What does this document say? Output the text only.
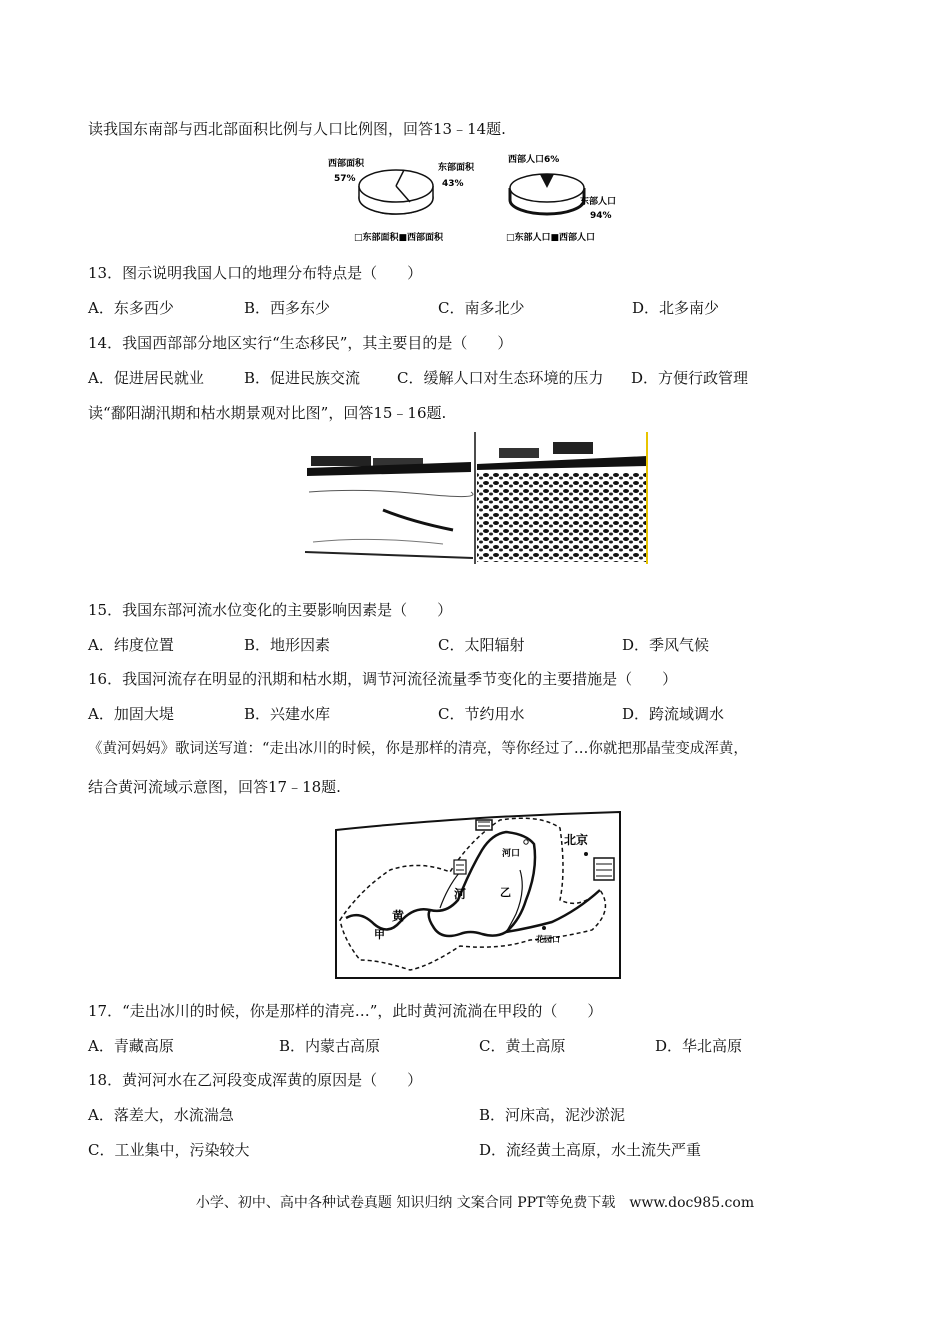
读我国东南部与西北部面积比例与人口比例图，回答13﹣14题.
西部面积
57%
东部面积
43%
□东部面积■西部面积
西部人口6%
东部人口
94%
□东部人口■西部人口
13．图示说明我国人口的地理分布特点是（　　）
A．东多西少	B．西多东少	C．南多北少	D．北多南少
14．我国西部部分地区实行“生态移民”，其主要目的是（　　）
A．促进居民就业	B．促进民族交流 C．缓解人口对生态环境的压力 D．方便行政管理
读“鄱阳湖汛期和枯水期景观对比图”，回答15﹣16题.
15．我国东部河流水位变化的主要影响因素是（　　）
A．纬度位置	B．地形因素	C．太阳辐射	D．季风气候
16．我国河流存在明显的汛期和枯水期，调节河流径流量季节变化的主要措施是（　　）
A．加固大堤	B．兴建水库	C．节约用水	D．跨流域调水
《黄河妈妈》歌词送写道：“走出冰川的时候，你是那样的清亮，等你经过了…你就把那晶莹变成浑黄，
结合黄河流域示意图，回答17﹣18题.
北京
河口
乙
河
黄
甲	花园口
17．“走出冰川的时候，你是那样的清亮…”，此时黄河流淌在甲段的（　　）
A．青藏高原	B．内蒙古高原	C．黄土高原	D．华北高原
18．黄河河水在乙河段变成浑黄的原因是（　　）
A．落差大，水流湍急	B．河床高，泥沙淤泥
C．工业集中，污染较大	D．流经黄土高原，水土流失严重
小学、初中、高中各种试卷真题 知识归纳 文案合同 PPT等免费下载　www.doc985.com
